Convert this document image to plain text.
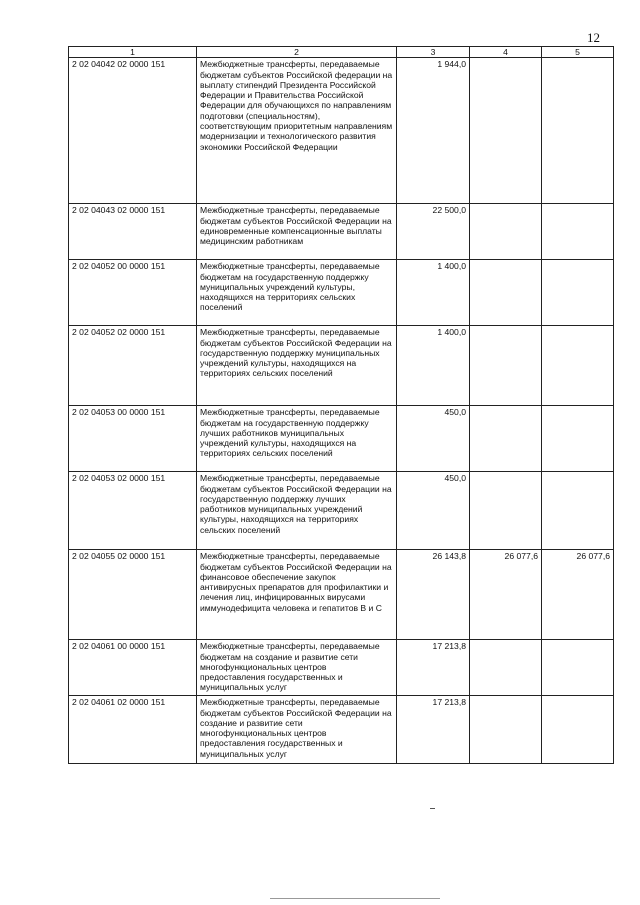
12
1	2	3	4	5
2 02 04042 02 0000 151	Межбюджетные трансферты, передаваемые бюджетам субъектов Российской федерации на выплату стипендий Президента Российской Федерации и Правительства Российской Федерации для обучающихся по направлениям подготовки (специальностям), соответствующим приоритетным направлениям модернизации и технологического развития экономики Российской Федерации	1 944,0		
2 02 04043 02 0000 151	Межбюджетные трансферты, передаваемые бюджетам субъектов Российской Федерации на единовременные компенсационные выплаты медицинским работникам	22 500,0		
2 02 04052 00 0000 151	Межбюджетные трансферты, передаваемые бюджетам на государственную поддержку муниципальных учреждений культуры, находящихся на территориях сельских поселений	1 400,0		
2 02 04052 02 0000 151	Межбюджетные трансферты, передаваемые бюджетам субъектов Российской Федерации на государственную поддержку муниципальных учреждений культуры, находящихся на территориях сельских поселений	1 400,0		
2 02 04053 00 0000 151	Межбюджетные трансферты, передаваемые бюджетам на государственную поддержку лучших работников муниципальных учреждений культуры, находящихся на территориях сельских поселений	450,0		
2 02 04053 02 0000 151	Межбюджетные трансферты, передаваемые бюджетам субъектов Российской Федерации на государственную поддержку лучших работников муниципальных учреждений культуры, находящихся на территориях сельских поселений	450,0		
2 02 04055 02 0000 151	Межбюджетные трансферты, передаваемые бюджетам субъектов Российской Федерации на финансовое обеспечение закупок антивирусных препаратов для профилактики и лечения лиц, инфицированных вирусами иммунодефицита человека и гепатитов В и С	26 143,8	26 077,6	26 077,6
2 02 04061 00 0000 151	Межбюджетные трансферты, передаваемые бюджетам на создание и развитие сети многофункциональных центров предоставления государственных и муниципальных услуг	17 213,8		
2 02 04061 02 0000 151	Межбюджетные трансферты, передаваемые бюджетам субъектов Российской Федерации на создание и развитие сети многофункциональных центров предоставления государственных и муниципальных услуг	17 213,8		
